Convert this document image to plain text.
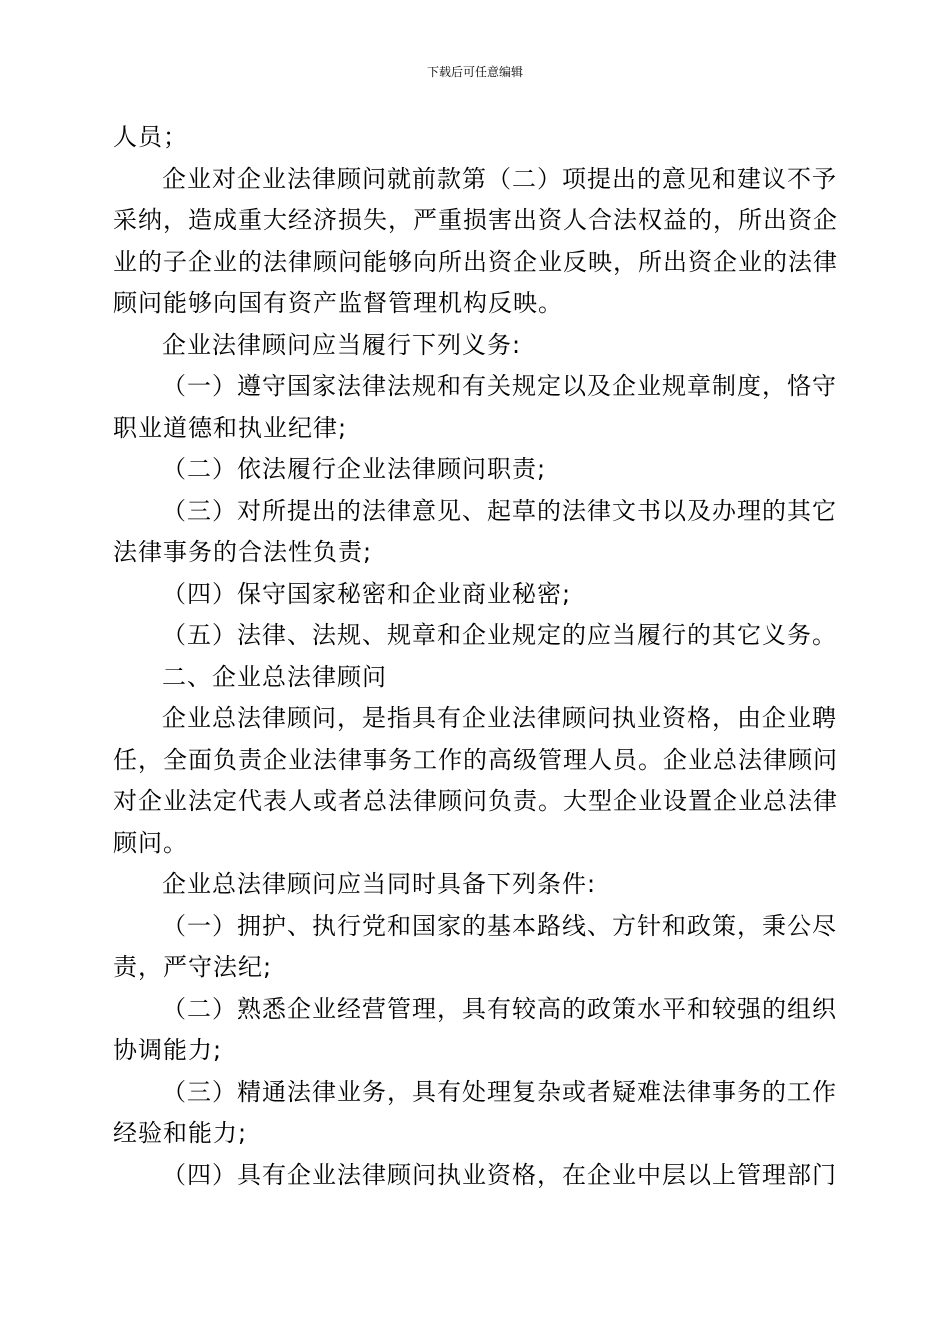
下载后可任意编辑

人员；

企业对企业法律顾问就前款第（二）项提出的意见和建议不予

采纳，造成重大经济损失，严重损害出资人合法权益的，所出资企

业的子企业的法律顾问能够向所出资企业反映，所出资企业的法律

顾问能够向国有资产监督管理机构反映。

企业法律顾问应当履行下列义务:

（一）遵守国家法律法规和有关规定以及企业规章制度，恪守

职业道德和执业纪律;

（二）依法履行企业法律顾问职责;

（三）对所提出的法律意见、起草的法律文书以及办理的其它

法律事务的合法性负责;

（四）保守国家秘密和企业商业秘密;

（五）法律、法规、规章和企业规定的应当履行的其它义务。

二、企业总法律顾问

企业总法律顾问，是指具有企业法律顾问执业资格，由企业聘

任，全面负责企业法律事务工作的高级管理人员。企业总法律顾问

对企业法定代表人或者总法律顾问负责。大型企业设置企业总法律

顾问。

企业总法律顾问应当同时具备下列条件:

（一）拥护、执行党和国家的基本路线、方针和政策，秉公尽

责，严守法纪;

（二）熟悉企业经营管理，具有较高的政策水平和较强的组织

协调能力;

（三）精通法律业务，具有处理复杂或者疑难法律事务的工作

经验和能力;

（四）具有企业法律顾问执业资格，在企业中层以上管理部门
